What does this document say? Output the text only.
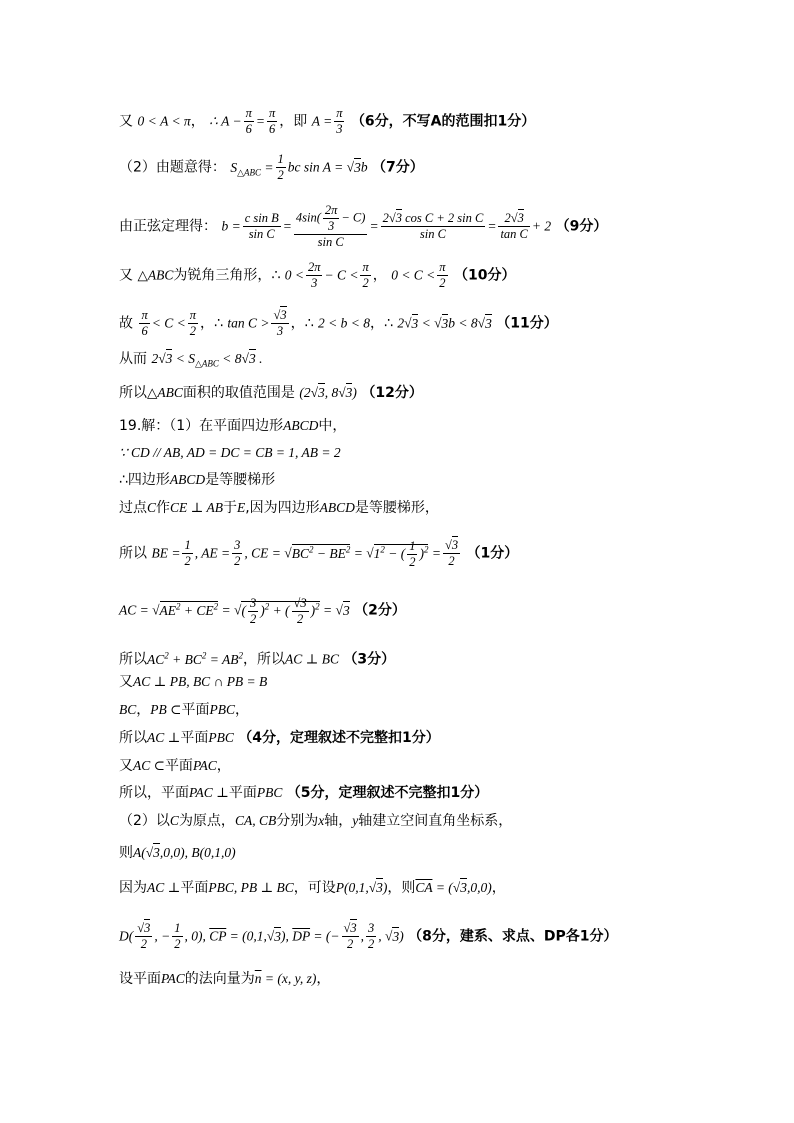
又 0 < A < π， ∴ $A - \frac{\pi}{6} = \frac{\pi}{6}$ ，即 $A = \frac{\pi}{3} (6$分，不写A的范围扣1分）
（2）由题意得： $S_{\triangle ABC} = \frac{1}{2}$ bc sin A = √3b （7分）
由正弦定理得： $b = \frac{\text{c sin B}}{\text{sin C}} = \frac{4\sin( \frac{2\pi}{3} - C)}{\text{sin C}} = \frac{\text{2√3 cos C + 2 sin C}}{\text{sin C}} = \frac{2√3}{\text{tan C}} + 2$ （9分）
又 △ABC为锐角三角形，∴ $0 < \frac{2\pi}{3} - C < \frac{\pi}{2}$ ， $0 < C < \frac{\pi}{2} (10$分）
故 $\frac{\pi}{6} < C < \frac{\pi}{2}$ ，∴ $\tan C > \frac{√3}{3}$ ，∴ 2 < b < 8，∴ 2√3 < √3b < 8√3 （11分）
从而 $2√3 < S_{\triangle ABC} < 8√3$ .
所以△ABC面积的取值范围是 (2√3, 8√3) （12分）
19.解：（1）在平面四边形ABCD中，
∵ CD // AB, AD = DC = CB = 1, AB = 2
∴四边形ABCD是等腰梯形
过点C作CE ⊥ AB于E,因为四边形ABCD是等腰梯形，
所以 BE = $\frac{1}{2}$ , AE = $\frac{3}{2}$ , CE = $√BC^2 - BE^2 = √1^2$ − ( $\frac{1}{2} )^2 = \frac{√3}{2} (1$分）
AC = $√AE^2 + CE^2$ = √( $\frac{3}{2} )^2$ + ( $\frac{√3}{2} )^2 = √3$ （2分）
所以$AC^2 + BC^2 = AB^2$，所以AC ⊥ BC （3分）
又AC ⊥ PB, BC ∩ PB = B
BC，PB ⊂平面PBC，
所以AC ⊥平面PBC （4分，定理叙述不完整扣1分）
又AC ⊂平面PAC，
所以，平面PAC ⊥平面PBC （5分，定理叙述不完整扣1分）
（2）以C为原点，CA, CB分别为x轴，y轴建立空间直角坐标系，
则A(√3,0,0), B(0,1,0)
因为AC ⊥平面PBC, PB ⊥ BC，可设P(0,1,√3)，则$\overline{CA} = (√3,0,0)$，
$D( \frac{√3}{2}$ , − $\frac{1}{2}$ , 0), $\overline{CP} = (0,1,√3)$, $\overline{DP}$ = (− $\frac{√3}{2}$ , $\frac{3}{2}$ , √3) （8分，建系、求点、DP各1分）
设平面PAC的法向量为$\overline{n} = (x$, y, z)，
